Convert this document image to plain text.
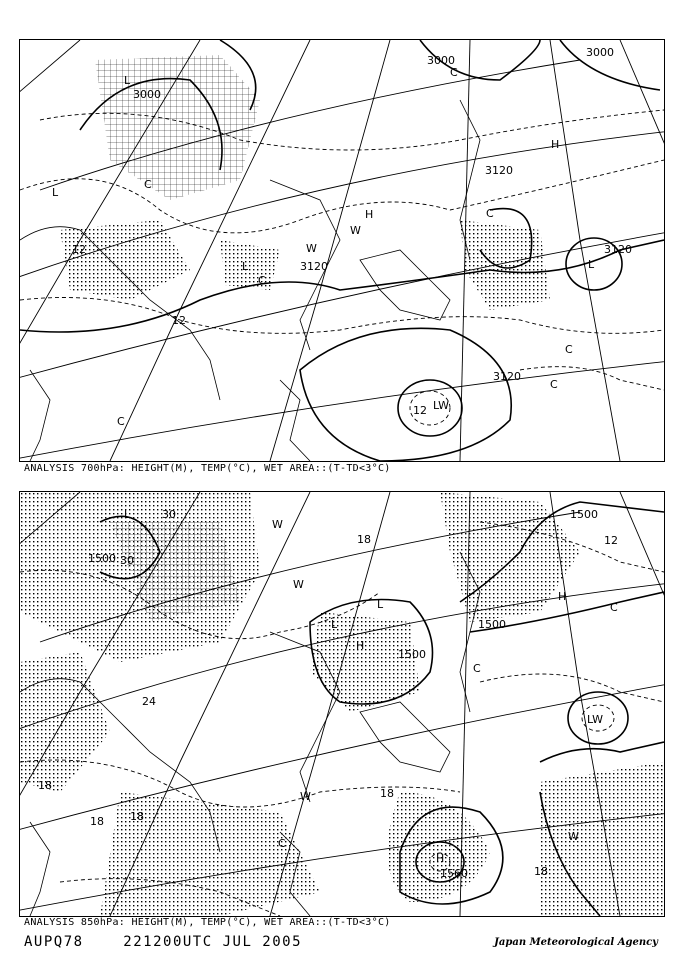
3000
3000
3000
3120
3120
3120
3120
L
L
L
L
LW
H
H
W
W
12
12
12
C
C
C
C
C
C
C
ANALYSIS 700hPa: HEIGHT(M), TEMP(°C), WET AREA::(T-TD<3°C)
1500
1500
1500
1500
1560
L
L
L
LW
H
H
H
W
W
W
W
30
30
24
18
18
18 18
18
18
12
C
C
C
ANALYSIS 850hPa: HEIGHT(M), TEMP(°C), WET AREA::(T-TD<3°C)
AUPQ78	221200UTC JUL 2005	Japan Meteorological Agency
